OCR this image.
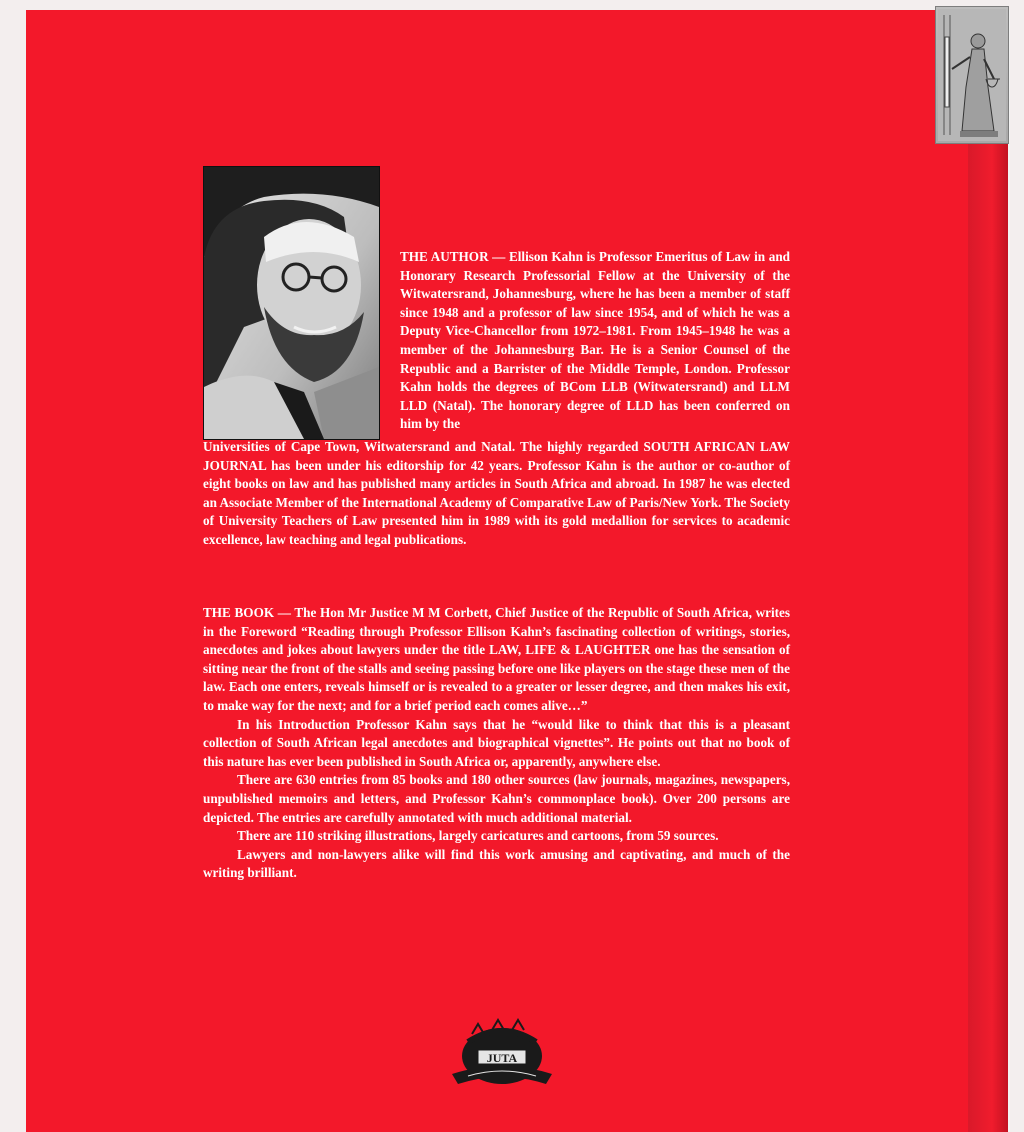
THE AUTHOR — Ellison Kahn is Professor Emeritus of Law in and Honorary Research Professorial Fellow at the University of the Witwatersrand, Johannesburg, where he has been a member of staff since 1948 and a professor of law since 1954, and of which he was a Deputy Vice-Chancellor from 1972–1981. From 1945–1948 he was a member of the Johannesburg Bar. He is a Senior Counsel of the Republic and a Barrister of the Middle Temple, London. Professor Kahn holds the degrees of BCom LLB (Witwatersrand) and LLM LLD (Natal). The honorary degree of LLD has been conferred on him by the
Universities of Cape Town, Witwatersrand and Natal. The highly regarded SOUTH AFRICAN LAW JOURNAL has been under his editorship for 42 years. Professor Kahn is the author or co-author of eight books on law and has published many articles in South Africa and abroad. In 1987 he was elected an Associate Member of the International Academy of Comparative Law of Paris/New York. The Society of University Teachers of Law presented him in 1989 with its gold medallion for services to academic excellence, law teaching and legal publications.

THE BOOK — The Hon Mr Justice M M Corbett, Chief Justice of the Republic of South Africa, writes in the Foreword “Reading through Professor Ellison Kahn’s fascinating collection of writings, stories, anecdotes and jokes about lawyers under the title LAW, LIFE & LAUGHTER one has the sensation of sitting near the front of the stalls and seeing passing before one like players on the stage these men of the law. Each one enters, reveals himself or is revealed to a greater or lesser degree, and then makes his exit, to make way for the next; and for a brief period each comes alive…”

In his Introduction Professor Kahn says that he “would like to think that this is a pleasant collection of South African legal anecdotes and biographical vignettes”. He points out that no book of this nature has ever been published in South Africa or, apparently, anywhere else.

There are 630 entries from 85 books and 180 other sources (law journals, magazines, newspapers, unpublished memoirs and letters, and Professor Kahn’s commonplace book). Over 200 persons are depicted. The entries are carefully annotated with much additional material.

There are 110 striking illustrations, largely caricatures and cartoons, from 59 sources.

Lawyers and non-lawyers alike will find this work amusing and captivating, and much of the writing brilliant.

JUTA
